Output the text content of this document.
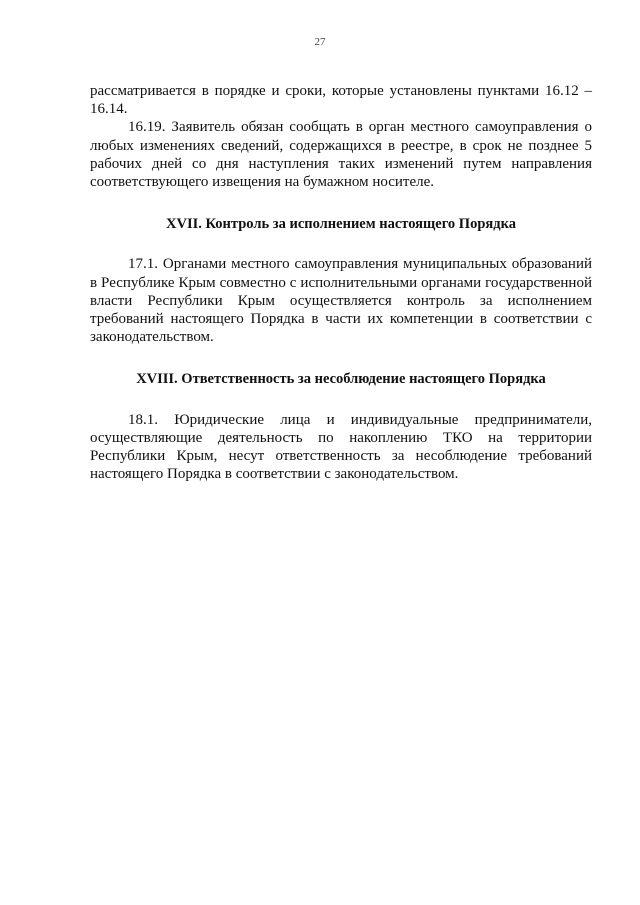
27

рассматривается в порядке и сроки, которые установлены пунктами 16.12 – 16.14.

16.19. Заявитель обязан сообщать в орган местного самоуправления о любых изменениях сведений, содержащихся в реестре, в срок не позднее 5 рабочих дней со дня наступления таких изменений путем направления соответствующего извещения на бумажном носителе.

XVII. Контроль за исполнением настоящего Порядка

17.1. Органами местного самоуправления муниципальных образований в Республике Крым совместно с исполнительными органами государственной власти Республики Крым осуществляется контроль за исполнением требований настоящего Порядка в части их компетенции в соответствии с законодательством.

XVIII. Ответственность за несоблюдение настоящего Порядка

18.1. Юридические лица и индивидуальные предприниматели, осуществляющие деятельность по накоплению ТКО на территории Республики Крым, несут ответственность за несоблюдение требований настоящего Порядка в соответствии с законодательством.
